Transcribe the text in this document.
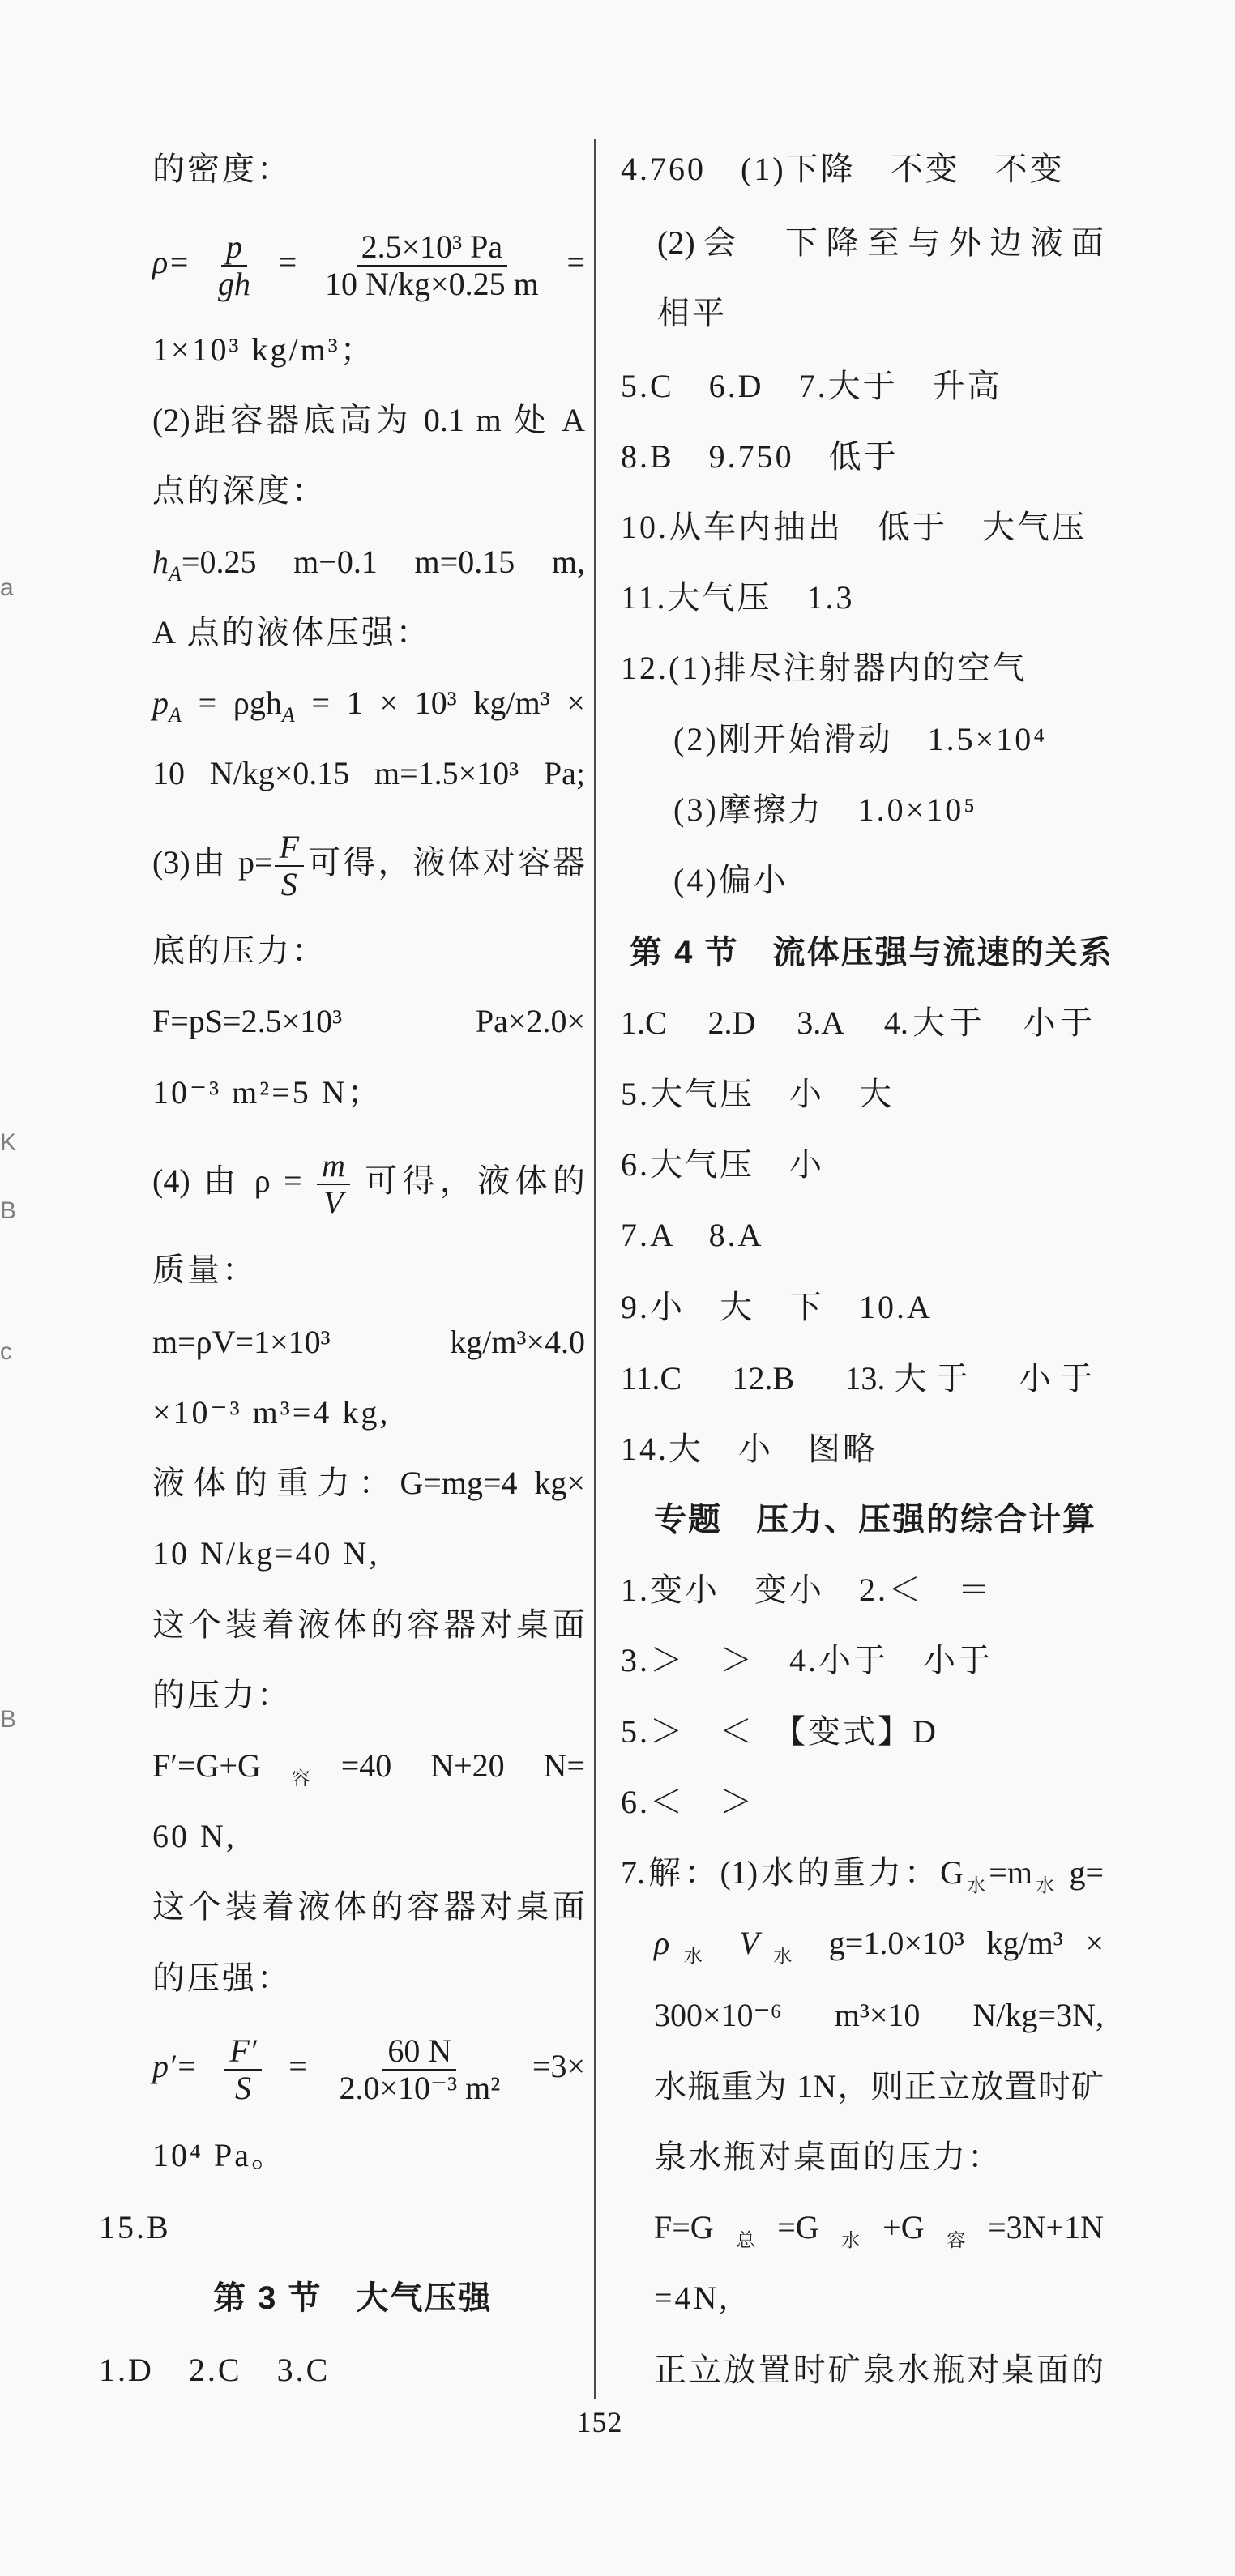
a
K
B
c
B
的密度：
$\rho= \frac{p}{gh} = \frac{\text{2.5×10³ Pa}}{10 N/kg\times 0.25 m}$ =
1×10³ kg/m³；
(2)距容器底高为 0.1 m 处 A
点的深度：
$h_A=0.25$ m−0.1 m=0.15 m,
A 点的液体压强：
$p_A = \rho gh_A = 1 \times 10^3$ kg/m³ ×
10 N/kg×0.15 m=1.5×10³ Pa;
(3)由 $p= \frac{F}{S}$ 可得，液体对容器
底的压力：
F=pS=2.5×10³ Pa×2.0×
10⁻³ m²=5 N；
(4) 由 $\rho = \frac{m}{V}$ 可得，液体的
质量：
m=ρV=1×10³ kg/m³×4.0
×10⁻³ m³=4 kg,
液体的重力：G=mg=4 kg×
10 N/kg=40 N,
这个装着液体的容器对桌面
的压力：
$F'=G+G_容=40$ N+20 N=
60 N,
这个装着液体的容器对桌面
的压强：
$p'= \frac{F'}{S} = \frac{60 N}{\text{2.0×10⁻³ m²}} =3\times$
10⁴ Pa。
15.B
第 3 节　大气压强
1.D　2.C　3.C
4.760　(1)下降　不变　不变
(2)会　下降至与外边液面
相平
5.C　6.D　7.大于　升高
8.B　9.750　低于
10.从车内抽出　低于　大气压
11.大气压　1.3
12.(1)排尽注射器内的空气
(2)刚开始滑动　1.5×10⁴
(3)摩擦力　1.0×10⁵
(4)偏小
第 4 节　流体压强与流速的关系
1.C　2.D　3.A　4.大于　小于
5.大气压　小　大
6.大气压　小
7.A　8.A
9.小　大　下　10.A
11.C　12.B　13.大于　小于
14.大　小　图略
专题　压力、压强的综合计算
1.变小　变小　2.＜　＝
3.＞　＞　4.小于　小于
5.＞　＜　【变式】D
6.＜　＞
7.解：(1)水的重力：$G_水=m_水$ g=
$\rho_水$ $V_水$ g=1.0×10³ kg/m³ ×
300×10⁻⁶ m³×10 N/kg=3N,
水瓶重为 1N，则正立放置时矿
泉水瓶对桌面的压力：
$F=G_总=G_水+G_容=3N+1N$
=4N,
正立放置时矿泉水瓶对桌面的
152
